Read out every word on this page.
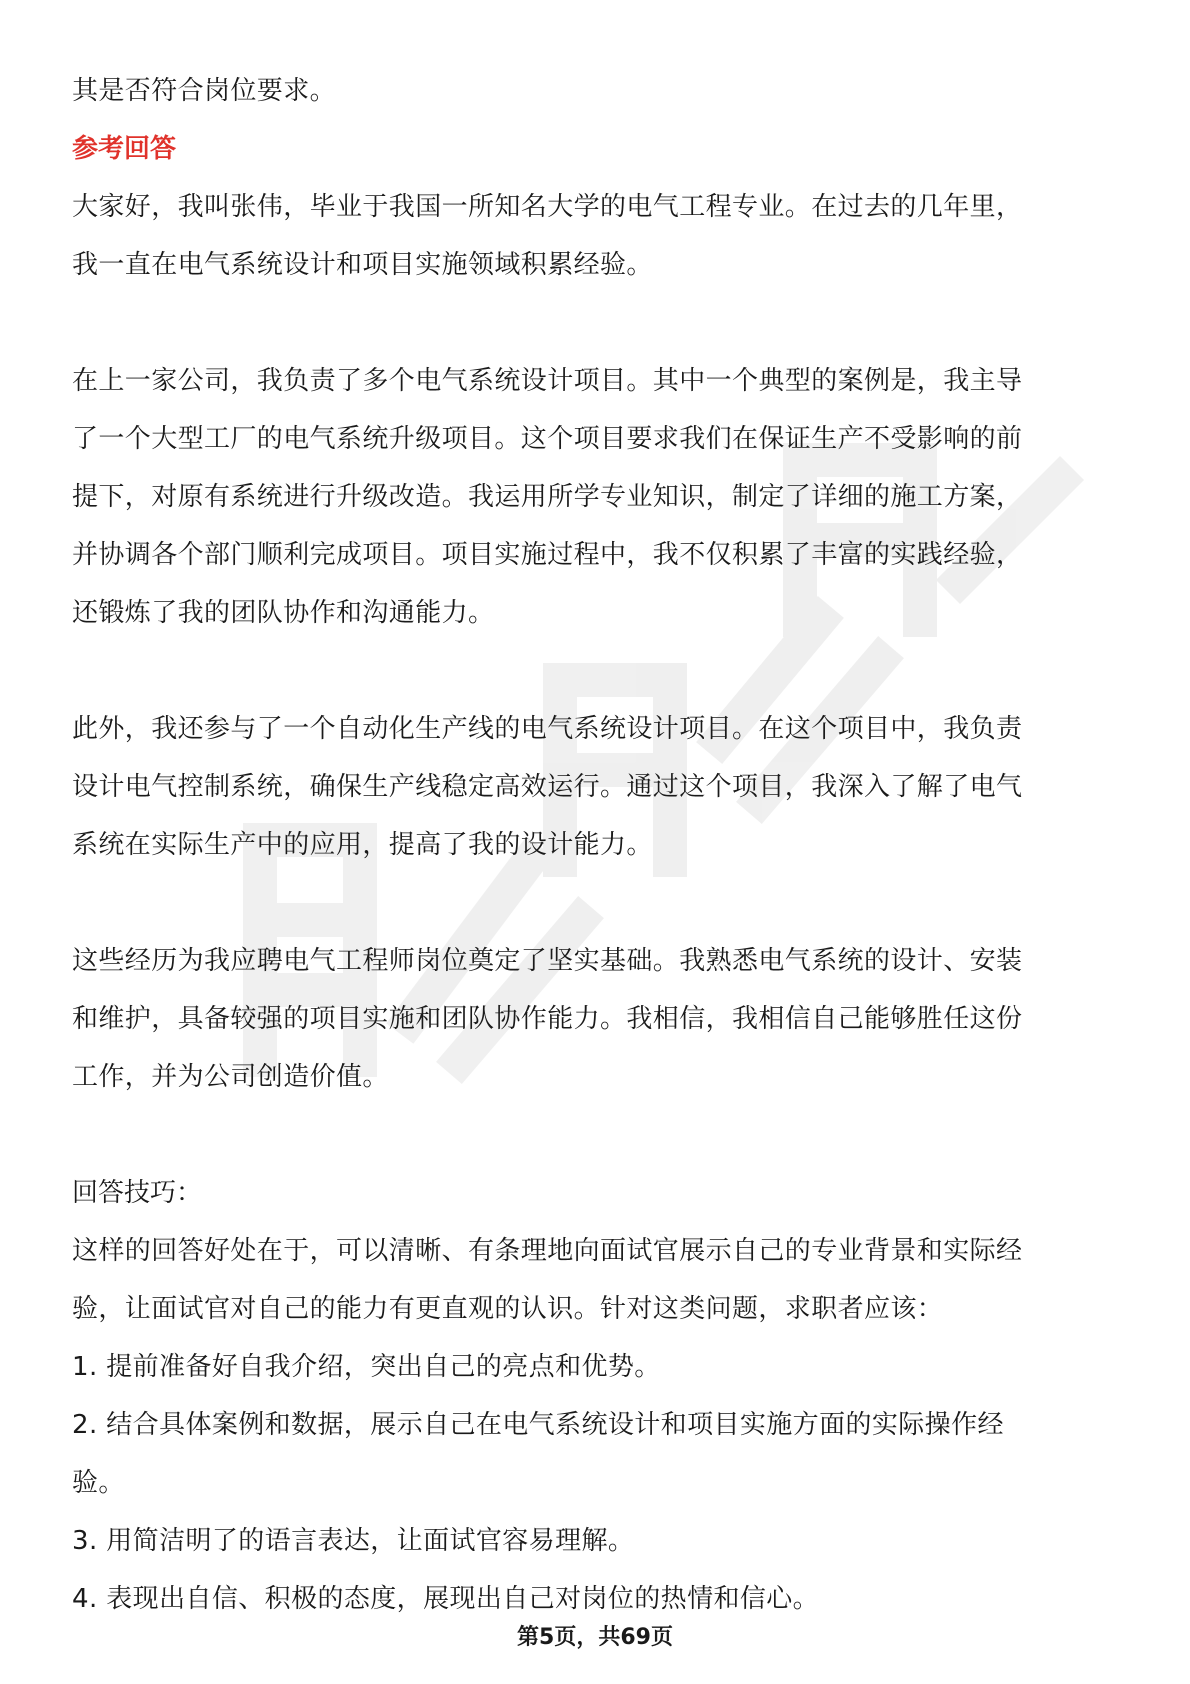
其是否符合岗位要求。
参考回答
大家好，我叫张伟，毕业于我国一所知名大学的电气工程专业。在过去的几年里，
我一直在电气系统设计和项目实施领域积累经验。
在上一家公司，我负责了多个电气系统设计项目。其中一个典型的案例是，我主导
了一个大型工厂的电气系统升级项目。这个项目要求我们在保证生产不受影响的前
提下，对原有系统进行升级改造。我运用所学专业知识，制定了详细的施工方案，
并协调各个部门顺利完成项目。项目实施过程中，我不仅积累了丰富的实践经验，
还锻炼了我的团队协作和沟通能力。
此外，我还参与了一个自动化生产线的电气系统设计项目。在这个项目中，我负责
设计电气控制系统，确保生产线稳定高效运行。通过这个项目，我深入了解了电气
系统在实际生产中的应用，提高了我的设计能力。
这些经历为我应聘电气工程师岗位奠定了坚实基础。我熟悉电气系统的设计、安装
和维护，具备较强的项目实施和团队协作能力。我相信，我相信自己能够胜任这份
工作，并为公司创造价值。
回答技巧：
这样的回答好处在于，可以清晰、有条理地向面试官展示自己的专业背景和实际经
验，让面试官对自己的能力有更直观的认识。针对这类问题，求职者应该：
1. 提前准备好自我介绍，突出自己的亮点和优势。
2. 结合具体案例和数据，展示自己在电气系统设计和项目实施方面的实际操作经
验。
3. 用简洁明了的语言表达，让面试官容易理解。
4. 表现出自信、积极的态度，展现出自己对岗位的热情和信心。
第5页，共69页
